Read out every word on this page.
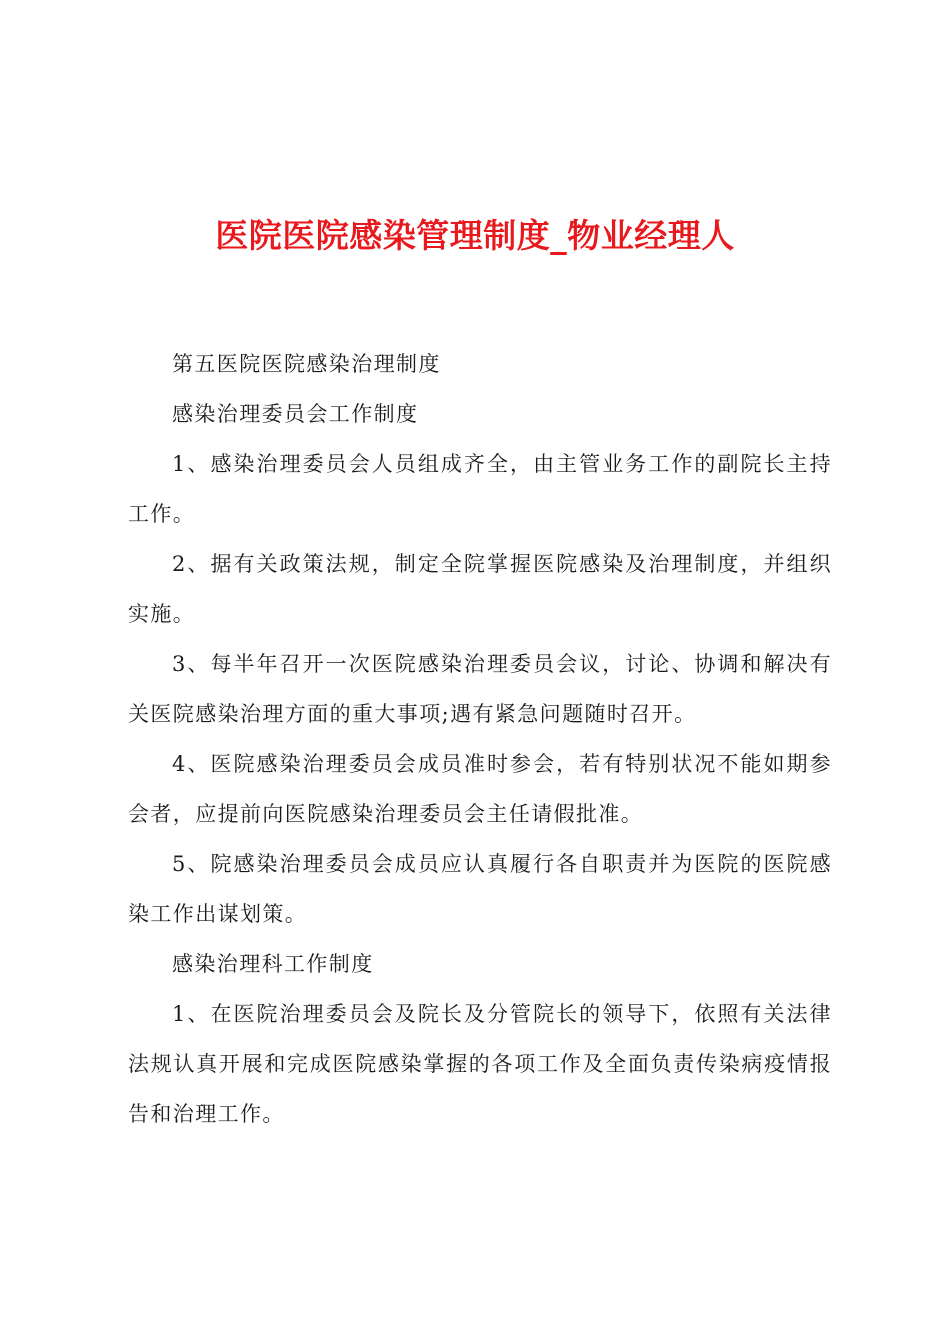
医院医院感染管理制度_物业经理人

第五医院医院感染治理制度

感染治理委员会工作制度

1、感染治理委员会人员组成齐全，由主管业务工作的副院长主持工作。

2、据有关政策法规，制定全院掌握医院感染及治理制度，并组织实施。

3、每半年召开一次医院感染治理委员会议，讨论、协调和解决有关医院感染治理方面的重大事项;遇有紧急问题随时召开。

4、医院感染治理委员会成员准时参会，若有特别状况不能如期参会者，应提前向医院感染治理委员会主任请假批准。

5、院感染治理委员会成员应认真履行各自职责并为医院的医院感染工作出谋划策。

感染治理科工作制度

1、在医院治理委员会及院长及分管院长的领导下，依照有关法律法规认真开展和完成医院感染掌握的各项工作及全面负责传染病疫情报告和治理工作。
